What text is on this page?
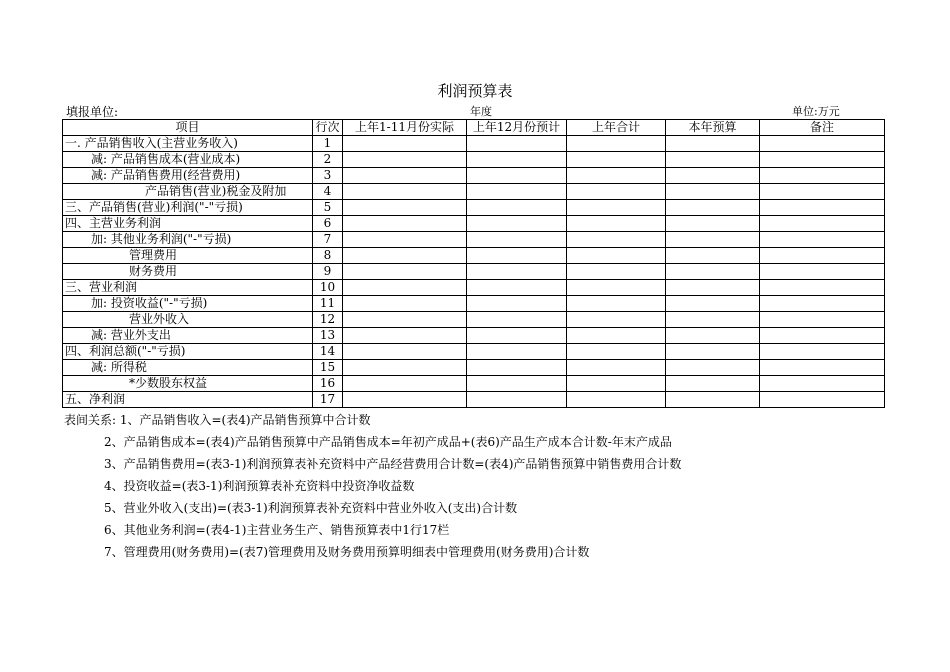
利润预算表
填报单位:	年度	单位:万元
项目	行次	上年1-11月份实际	上年12月份预计	上年合计	本年预算	备注
一. 产品销售收入(主营业务收入)	1					
减: 产品销售成本(营业成本)	2					
减: 产品销售费用(经营费用)	3					
产品销售(营业)税金及附加	4					
三、产品销售(营业)利润("-"亏损)	5					
四、主营业务利润	6					
加: 其他业务利润("-"亏损)	7					
管理费用	8					
财务费用	9					
三、营业利润	10					
加: 投资收益("-"亏损)	11					
营业外收入	12					
减: 营业外支出	13					
四、利润总额("-"亏损)	14					
减: 所得税	15					
*少数股东权益	16					
五、净利润	17					
表间关系: 1、产品销售收入=(表4)产品销售预算中合计数
2、产品销售成本=(表4)产品销售预算中产品销售成本=年初产成品+(表6)产品生产成本合计数-年末产成品
3、产品销售费用=(表3-1)利润预算表补充资料中产品经营费用合计数=(表4)产品销售预算中销售费用合计数
4、投资收益=(表3-1)利润预算表补充资料中投资净收益数
5、营业外收入(支出)=(表3-1)利润预算表补充资料中营业外收入(支出)合计数
6、其他业务利润=(表4-1)主营业务生产、销售预算表中1行17栏
7、管理费用(财务费用)=(表7)管理费用及财务费用预算明细表中管理费用(财务费用)合计数
